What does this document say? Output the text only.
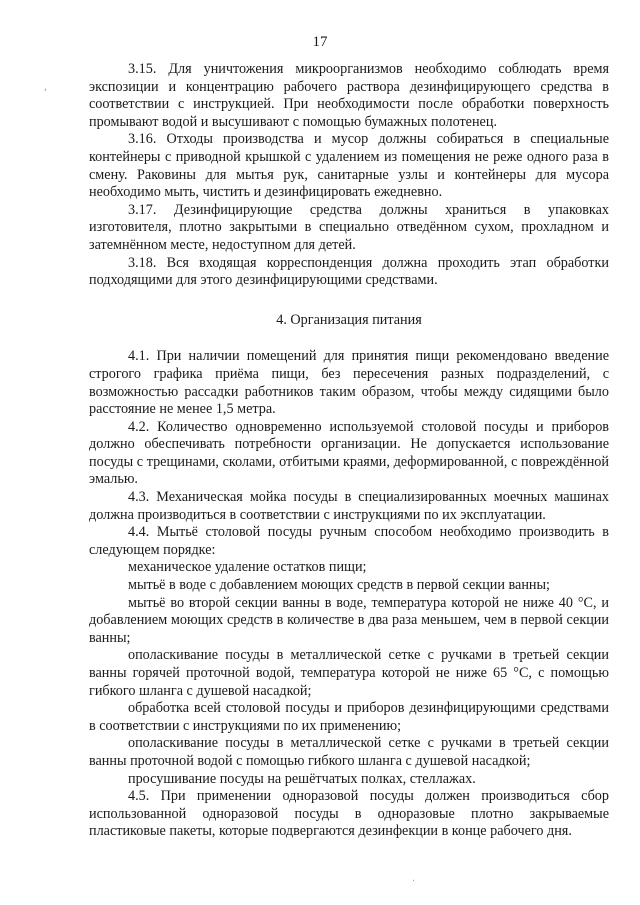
17

3.15. Для уничтожения микроорганизмов необходимо соблюдать время экспозиции и концентрацию рабочего раствора дезинфицирующего средства в соответствии с инструкцией. При необходимости после обработки поверхность промывают водой и высушивают с помощью бумажных полотенец.

3.16. Отходы производства и мусор должны собираться в специальные контейнеры с приводной крышкой с удалением из помещения не реже одного раза в смену. Раковины для мытья рук, санитарные узлы и контейнеры для мусора необходимо мыть, чистить и дезинфицировать ежедневно.

3.17. Дезинфицирующие средства должны храниться в упаковках изготовителя, плотно закрытыми в специально отведённом сухом, прохладном и затемнённом месте, недоступном для детей.

3.18. Вся входящая корреспонденция должна проходить этап обработки подходящими для этого дезинфицирующими средствами.

4. Организация питания

4.1. При наличии помещений для принятия пищи рекомендовано введение строгого графика приёма пищи, без пересечения разных подразделений, с возможностью рассадки работников таким образом, чтобы между сидящими было расстояние не менее 1,5 метра.

4.2. Количество одновременно используемой столовой посуды и приборов должно обеспечивать потребности организации. Не допускается использование посуды с трещинами, сколами, отбитыми краями, деформированной, с повреждённой эмалью.

4.3. Механическая мойка посуды в специализированных моечных машинах должна производиться в соответствии с инструкциями по их эксплуатации.

4.4. Мытьё столовой посуды ручным способом необходимо производить в следующем порядке:

механическое удаление остатков пищи;

мытьё в воде с добавлением моющих средств в первой секции ванны;

мытьё во второй секции ванны в воде, температура которой не ниже 40 °С, и добавлением моющих средств в количестве в два раза меньшем, чем в первой секции ванны;

ополаскивание посуды в металлической сетке с ручками в третьей секции ванны горячей проточной водой, температура которой не ниже 65 °С, с помощью гибкого шланга с душевой насадкой;

обработка всей столовой посуды и приборов дезинфицирующими средствами в соответствии с инструкциями по их применению;

ополаскивание посуды в металлической сетке с ручками в третьей секции ванны проточной водой с помощью гибкого шланга с душевой насадкой;

просушивание посуды на решётчатых полках, стеллажах.

4.5. При применении одноразовой посуды должен производиться сбор использованной одноразовой посуды в одноразовые плотно закрываемые пластиковые пакеты, которые подвергаются дезинфекции в конце рабочего дня.

,
·
